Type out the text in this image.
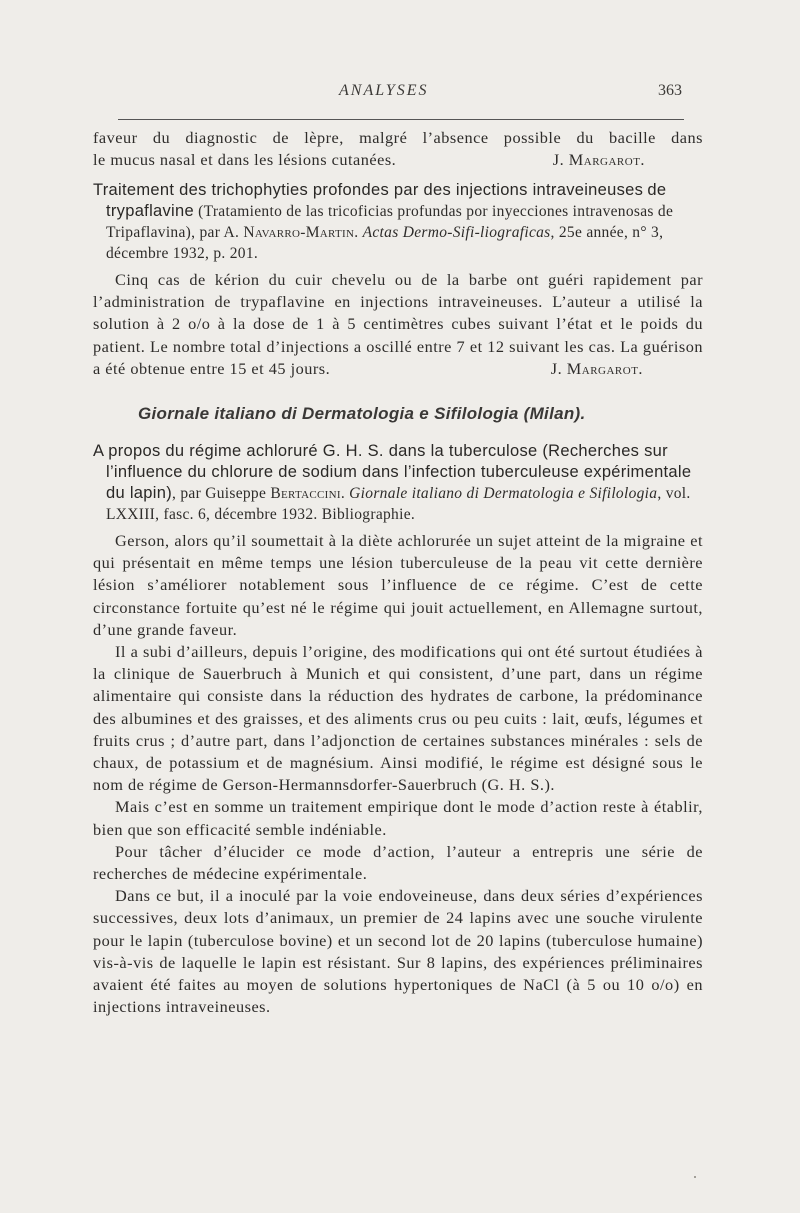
ANALYSES	363

faveur du diagnostic de lèpre, malgré l’absence possible du bacille dans

le mucus nasal et dans les lésions cutanées.	J. Margarot.

Traitement des trichophyties profondes par des injections intraveineuses de trypaflavine (Tratamiento de las tricoficias profundas por inyecciones intravenosas de Tripaflavina), par A. Navarro-Martin. Actas Dermo-Sifi-liograficas, 25e année, n° 3, décembre 1932, p. 201.

Cinq cas de kérion du cuir chevelu ou de la barbe ont guéri rapidement par l’administration de trypaflavine en injections intraveineuses. L’auteur a utilisé la solution à 2 o/o à la dose de 1 à 5 centimètres cubes suivant l’état et le poids du patient. Le nombre total d’injections a oscillé entre 7 et 12 suivant les cas. La guérison a été obtenue entre 15 et 45 jours.	J. Margarot.

Giornale italiano di Dermatologia e Sifilologia (Milan).

A propos du régime achloruré G. H. S. dans la tuberculose (Recherches sur l’influence du chlorure de sodium dans l’infection tuberculeuse expérimentale du lapin), par Guiseppe Bertaccini. Giornale italiano di Dermatologia e Sifilologia, vol. LXXIII, fasc. 6, décembre 1932. Bibliographie.

Gerson, alors qu’il soumettait à la diète achlorurée un sujet atteint de la migraine et qui présentait en même temps une lésion tuberculeuse de la peau vit cette dernière lésion s’améliorer notablement sous l’influence de ce régime. C’est de cette circonstance fortuite qu’est né le régime qui jouit actuellement, en Allemagne surtout, d’une grande faveur.

Il a subi d’ailleurs, depuis l’origine, des modifications qui ont été surtout étudiées à la clinique de Sauerbruch à Munich et qui consistent, d’une part, dans un régime alimentaire qui consiste dans la réduction des hydrates de carbone, la prédominance des albumines et des graisses, et des aliments crus ou peu cuits : lait, œufs, légumes et fruits crus ; d’autre part, dans l’adjonction de certaines substances minérales : sels de chaux, de potassium et de magnésium. Ainsi modifié, le régime est désigné sous le nom de régime de Gerson-Hermannsdorfer-Sauerbruch (G. H. S.).

Mais c’est en somme un traitement empirique dont le mode d’action reste à établir, bien que son efficacité semble indéniable.

Pour tâcher d’élucider ce mode d’action, l’auteur a entrepris une série de recherches de médecine expérimentale.

Dans ce but, il a inoculé par la voie endoveineuse, dans deux séries d’expériences successives, deux lots d’animaux, un premier de 24 lapins avec une souche virulente pour le lapin (tuberculose bovine) et un second lot de 20 lapins (tuberculose humaine) vis-à-vis de laquelle le lapin est résistant. Sur 8 lapins, des expériences préliminaires avaient été faites au moyen de solutions hypertoniques de NaCl (à 5 ou 10 o/o) en injections intraveineuses.
